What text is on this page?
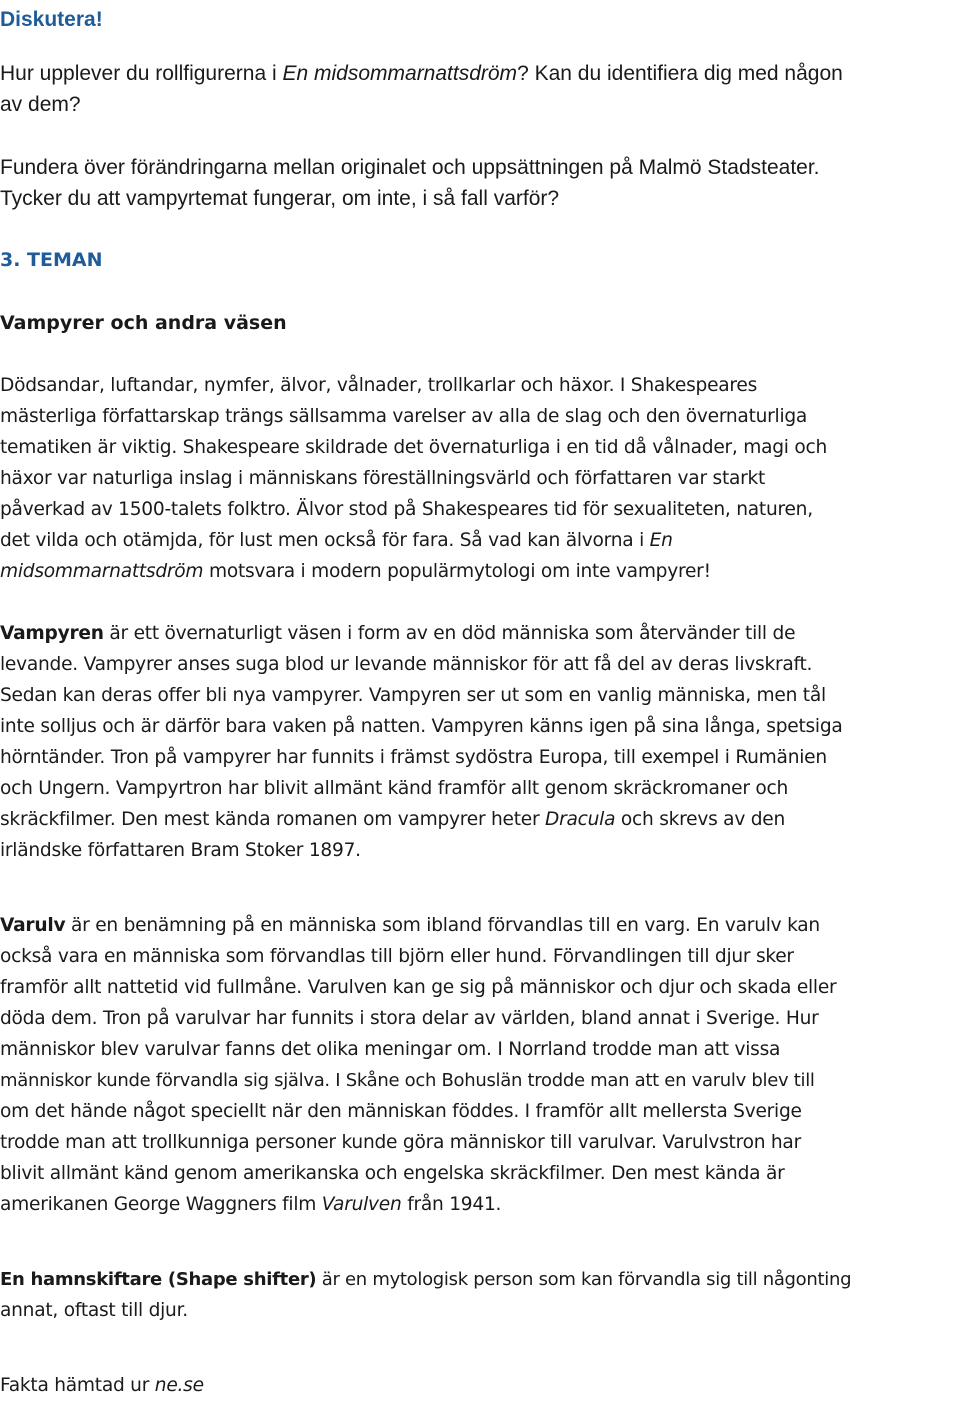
Diskutera!

Hur upplever du rollfigurerna i En midsommarnattsdröm? Kan du identifiera dig med någon

av dem?

Fundera över förändringarna mellan originalet och uppsättningen på Malmö Stadsteater.

Tycker du att vampyrtemat fungerar, om inte, i så fall varför?

3. TEMAN

Vampyrer och andra väsen

Dödsandar, luftandar, nymfer, älvor, vålnader, trollkarlar och häxor. I Shakespeares

mästerliga författarskap trängs sällsamma varelser av alla de slag och den övernaturliga

tematiken är viktig. Shakespeare skildrade det övernaturliga i en tid då vålnader, magi och

häxor var naturliga inslag i människans föreställningsvärld och författaren var starkt

påverkad av 1500-talets folktro. Älvor stod på Shakespeares tid för sexualiteten, naturen,

det vilda och otämjda, för lust men också för fara. Så vad kan älvorna i En

midsommarnattsdröm motsvara i modern populärmytologi om inte vampyrer!

Vampyren är ett övernaturligt väsen i form av en död människa som återvänder till de

levande. Vampyrer anses suga blod ur levande människor för att få del av deras livskraft.

Sedan kan deras offer bli nya vampyrer. Vampyren ser ut som en vanlig människa, men tål

inte solljus och är därför bara vaken på natten. Vampyren känns igen på sina långa, spetsiga

hörntänder. Tron på vampyrer har funnits i främst sydöstra Europa, till exempel i Rumänien

och Ungern. Vampyrtron har blivit allmänt känd framför allt genom skräckromaner och

skräckfilmer. Den mest kända romanen om vampyrer heter Dracula och skrevs av den

irländske författaren Bram Stoker 1897.

Varulv är en benämning på en människa som ibland förvandlas till en varg. En varulv kan

också vara en människa som förvandlas till björn eller hund. Förvandlingen till djur sker

framför allt nattetid vid fullmåne. Varulven kan ge sig på människor och djur och skada eller

döda dem. Tron på varulvar har funnits i stora delar av världen, bland annat i Sverige. Hur

människor blev varulvar fanns det olika meningar om. I Norrland trodde man att vissa

människor kunde förvandla sig själva. I Skåne och Bohuslän trodde man att en varulv blev till

om det hände något speciellt när den människan föddes. I framför allt mellersta Sverige

trodde man att trollkunniga personer kunde göra människor till varulvar. Varulvstron har

blivit allmänt känd genom amerikanska och engelska skräckfilmer. Den mest kända är

amerikanen George Waggners film Varulven från 1941.

En hamnskiftare (Shape shifter) är en mytologisk person som kan förvandla sig till någonting

annat, oftast till djur.

Fakta hämtad ur ne.se
